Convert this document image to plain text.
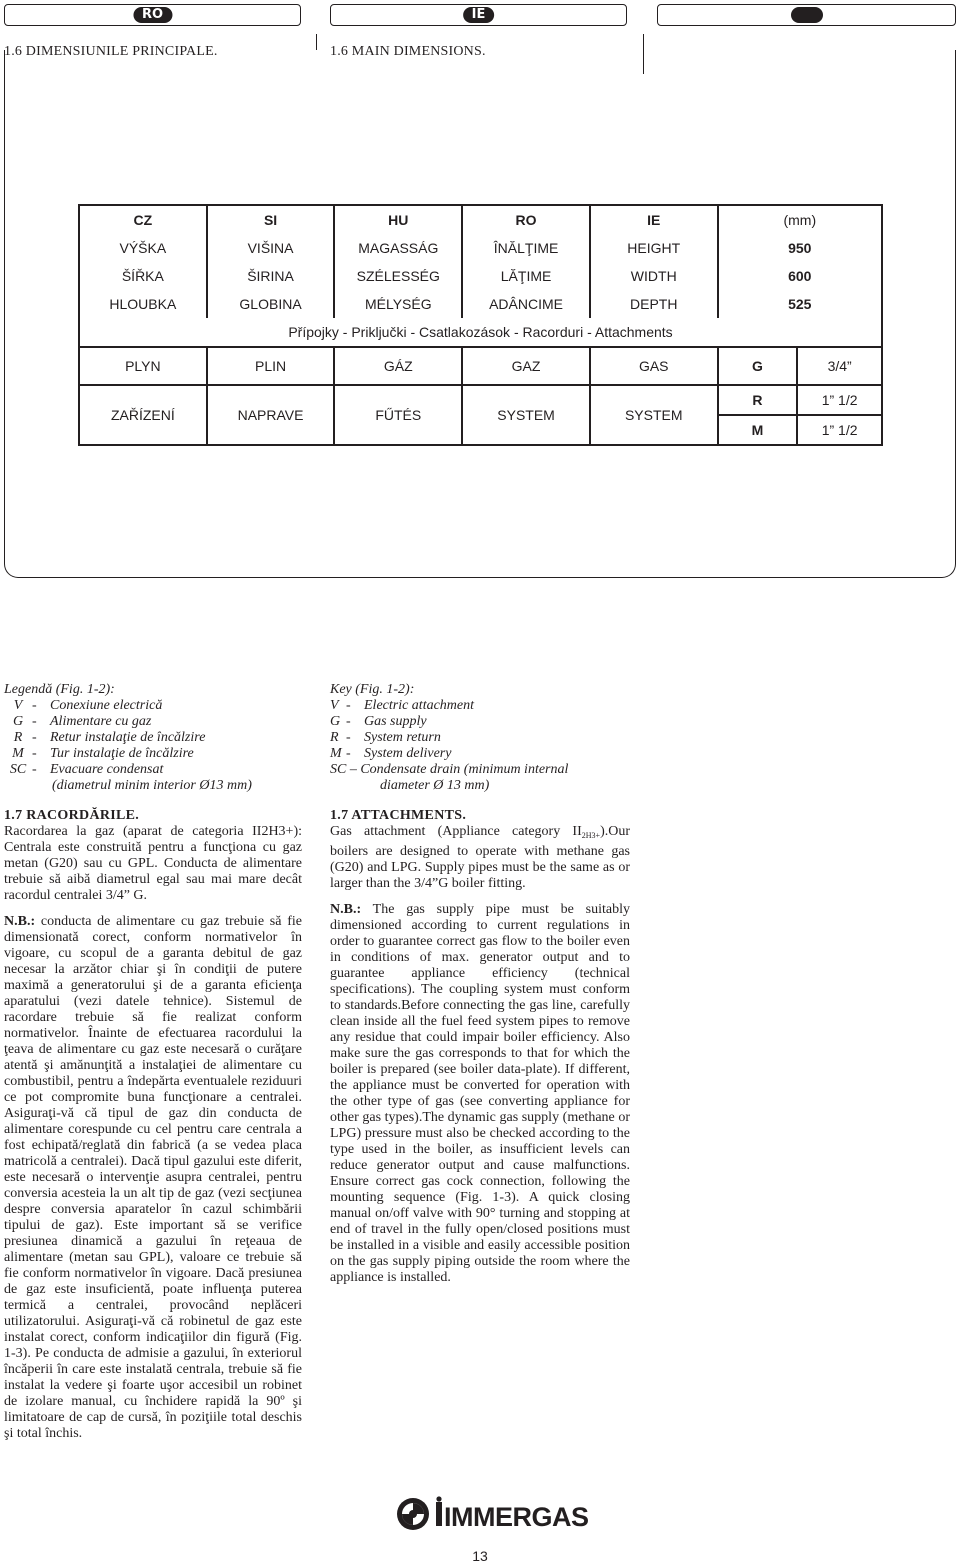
RO	IE
1.6 DIMENSIUNILE PRINCIPALE.	1.6 MAIN DIMENSIONS.
CZ	SI	HU	RO	IE	(mm)	
VÝŠKA	VIŠINA	MAGASSÁG	ÎNĂLŢIME	HEIGHT	950	
ŠÍŘKA	ŠIRINA	SZÉLESSÉG	LĂŢIME	WIDTH	600	
HLOUBKA	GLOBINA	MÉLYSÉG	ADÂNCIME	DEPTH	525	
Přípojky - Priključki - Csatlakozások - Racorduri - Attachments						
PLYN	PLIN	GÁZ	GAZ	GAS	G	3/4”
ZAŘÍZENÍ	NAPRAVE	FŰTÉS	SYSTEM	SYSTEM	R	1” 1/2
					M	1” 1/2
Legendă (Fig. 1-2):
V - Conexiune electrică
G - Alimentare cu gaz
R - Retur instalaţie de încălzire
M - Tur instalaţie de încălzire
SC - Evacuare condensat
(diametrul minim interior Ø13 mm)
1.7 RACORDĂRILE.

Racordarea la gaz (aparat de categoria II2H3+): Centrala este construită pentru a funcţiona cu gaz metan (G20) sau cu GPL. Conducta de alimentare trebuie să aibă diametrul egal sau mai mare decât racordul centralei 3/4” G.

N.B.: conducta de alimentare cu gaz trebuie să fie dimensionată corect, conform normativelor în vigoare, cu scopul de a garanta debitul de gaz necesar la arzător chiar şi în condiţii de putere maximă a generatorului şi de a garanta eficienţa aparatului (vezi datele tehnice). Sistemul de racordare trebuie să fie realizat conform normativelor. Înainte de efectuarea racordului la ţeava de alimentare cu gaz este necesară o curăţare atentă şi amănunţită a instalaţiei de alimentare cu combustibil, pentru a îndepărta eventualele reziduuri ce pot compromite buna funcţionare a centralei. Asiguraţi-vă că tipul de gaz din conducta de alimentare corespunde cu cel pentru care centrala a fost echipată/reglată din fabrică (a se vedea placa matricolă a centralei). Dacă tipul gazului este diferit, este necesară o intervenţie asupra centralei, pentru conversia acesteia la un alt tip de gaz (vezi secţiunea despre conversia aparatelor în cazul schimbării tipului de gaz). Este important să se verifice presiunea dinamică a gazului în reţeaua de alimentare (metan sau GPL), valoare ce trebuie să fie conform normativelor în vigoare. Dacă presiunea de gaz este insuficientă, poate influenţa puterea termică a centralei, provocând neplăceri utilizatorului. Asiguraţi-vă că robinetul de gaz este instalat corect, conform indicaţiilor din figură (Fig. 1-3). Pe conducta de admisie a gazului, în exteriorul încăperii în care este instalată centrala, trebuie să fie instalat la vedere şi foarte uşor accesibil un robinet de izolare manual, cu închidere rapidă la 90º şi limitatoare de cap de cursă, în poziţiile total deschis şi total închis.

Key (Fig. 1-2):
V - Electric attachment
G - Gas supply
R - System return
M - System delivery
SC – Condensate drain (minimum internal
diameter Ø 13 mm)
1.7 ATTACHMENTS.

Gas attachment (Appliance category $II_{2H3+}).Our$ boilers are designed to operate with methane gas (G20) and LPG. Supply pipes must be the same as or larger than the 3/4”G boiler fitting.

N.B.: The gas supply pipe must be suitably dimensioned according to current regulations in order to guarantee correct gas flow to the boiler even in conditions of max. generator output and to guarantee appliance efficiency (technical specifications). The coupling system must conform to standards.Before connecting the gas line, carefully clean inside all the fuel feed system pipes to remove any residue that could impair boiler efficiency. Also make sure the gas corresponds to that for which the boiler is prepared (see boiler data-plate). If different, the appliance must be converted for operation with the other type of gas (see converting appliance for other gas types).The dynamic gas supply (methane or LPG) pressure must also be checked according to the type used in the boiler, as insufficient levels can reduce generator output and cause malfunctions. Ensure correct gas cock connection, following the mounting sequence (Fig. 1-3). A quick closing manual on/off valve with 90° turning and stopping at end of travel in the fully open/closed positions must be installed in a visible and easily accessible position on the gas supply piping outside the room where the appliance is installed.

IMMERGAS
13
